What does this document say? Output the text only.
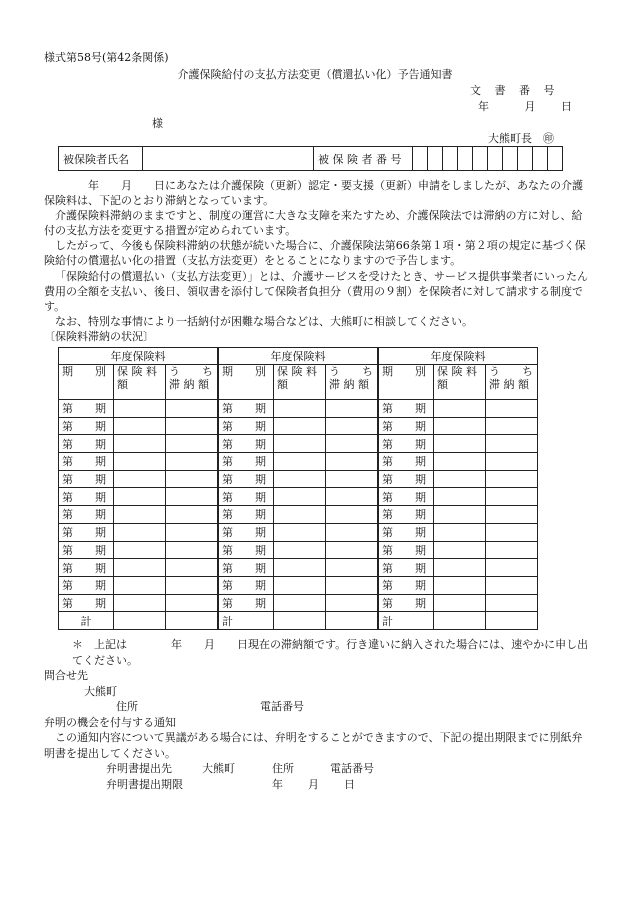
様式第58号(第42条関係)
介護保険給付の支払方法変更（償還払い化）予告通知書
文 書 番 号
年	月 日
様
大熊町長　㊞
被保険者氏名		被 保 険 者 番 号										

　　　　年　　月　　日にあなたは介護保険（更新）認定・要支援（更新）申請をしましたが、あなたの介護保険料は、下記のとおり滞納となっています。

介護保険料滞納のままですと、制度の運営に大きな支障を来たすため、介護保険法では滞納の方に対し、給付の支払方法を変更する措置が定められています。

したがって、今後も保険料滞納の状態が続いた場合に、介護保険法第66条第１項・第２項の規定に基づく保険給付の償還払い化の措置（支払方法変更）をとることになりますので予告します。

「保険給付の償還払い（支払方法変更）」とは、介護サービスを受けたとき、サービス提供事業者にいったん費用の全額を支払い、後日、領収書を添付して保険者負担分（費用の９割）を保険者に対して請求する制度です。

なお、特別な事情により一括納付が困難な場合などは、大熊町に相談してください。

〔保険料滞納の状況〕

年度保険料			年度保険料			年度保険料		
期　　別	保 険 料 額	う　　ち 滞 納 額	期　　別	保 険 料 額	う　　ち 滞 納 額	期　　別	保 険 料 額	う　　ち 滞 納 額
第　　期			第　　期			第　　期		
第　　期			第　　期			第　　期		
第　　期			第　　期			第　　期		
第　　期			第　　期			第　　期		
第　　期			第　　期			第　　期		
第　　期			第　　期			第　　期		
第　　期			第　　期			第　　期		
第　　期			第　　期			第　　期		
第　　期			第　　期			第　　期		
第　　期			第　　期			第　　期		
第　　期			第　　期			第　　期		
第　　期			第　　期			第　　期		
計			計			計		

＊　上記は　　　　年　　月　　日現在の滞納額です。行き違いに納入された場合には、速やかに申し出てください。

問合せ先

大熊町

住所	電話番号

弁明の機会を付与する通知

この通知内容について異議がある場合には、弁明をすることができますので、下記の提出期限までに別紙弁明書を提出してください。

弁明書提出先	大熊町	住所	電話番号

弁明書提出期限	年 月 日
